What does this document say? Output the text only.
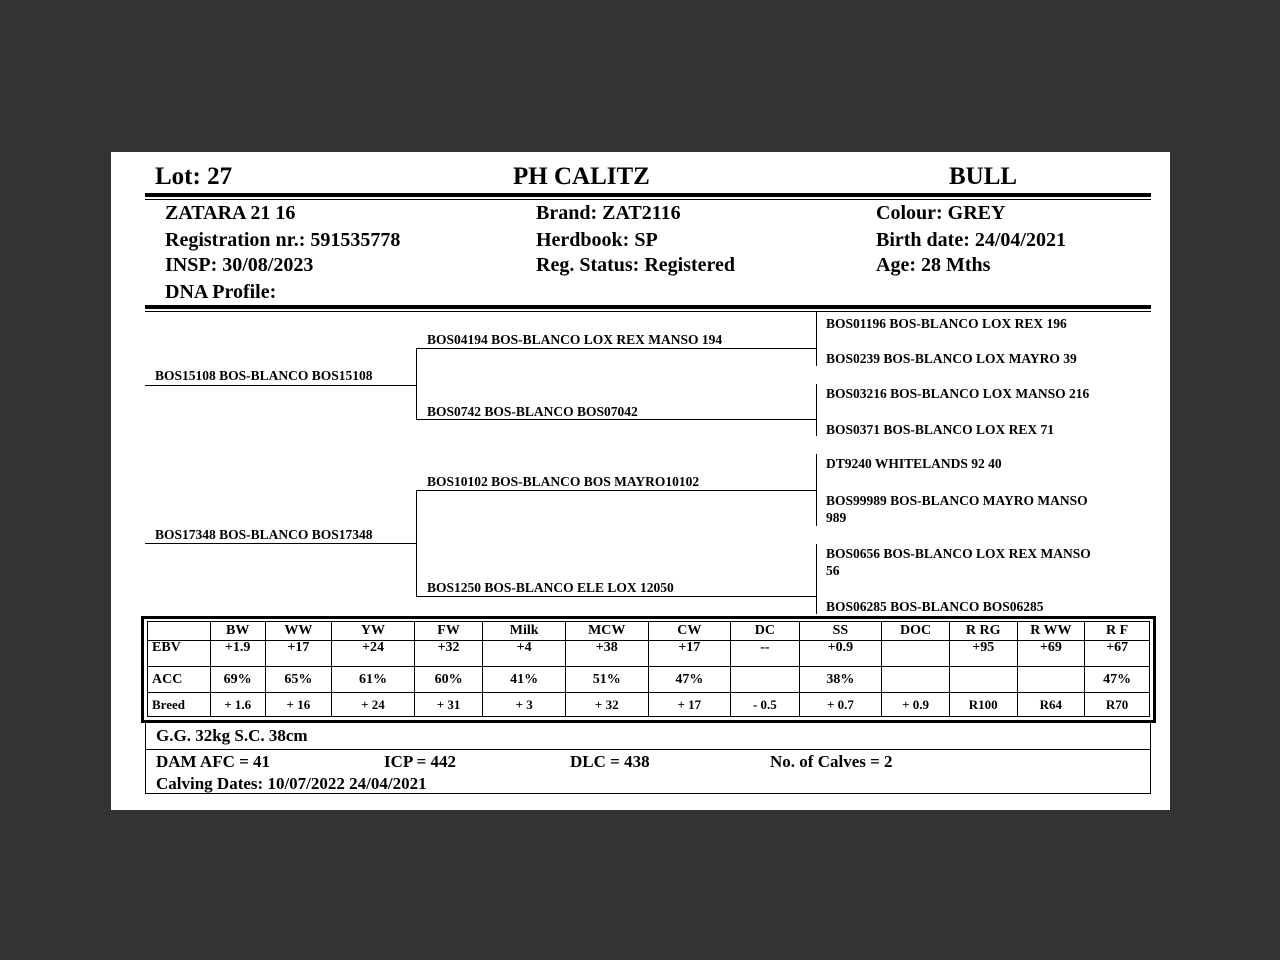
Lot: 27	PH CALITZ	BULL
ZATARA 21 16
Registration nr.: 591535778
INSP: 30/08/2023
DNA Profile:
Brand: ZAT2116
Herdbook: SP
Reg. Status: Registered
Colour: GREY
Birth date: 24/04/2021
Age: 28 Mths
BOS15108 BOS-BLANCO BOS15108
BOS17348 BOS-BLANCO BOS17348
BOS04194 BOS-BLANCO LOX REX MANSO 194
BOS0742 BOS-BLANCO BOS07042
BOS10102 BOS-BLANCO BOS MAYRO10102
BOS1250 BOS-BLANCO ELE LOX 12050
BOS01196 BOS-BLANCO LOX REX 196
BOS0239 BOS-BLANCO LOX MAYRO 39
BOS03216 BOS-BLANCO LOX MANSO 216
BOS0371 BOS-BLANCO LOX REX 71
DT9240 WHITELANDS 92 40
BOS99989 BOS-BLANCO MAYRO MANSO
989
BOS0656 BOS-BLANCO LOX REX MANSO
56
BOS06285 BOS-BLANCO BOS06285
	BW	WW	YW	FW	Milk	MCW	CW	DC	SS	DOC	R RG	R WW	R F
EBV	+1.9	+17	+24	+32	+4	+38	+17	--	+0.9		+95	+69	+67
ACC	69%	65%	61%	60%	41%	51%	47%		38%				47%
Breed	+ 1.6	+ 16	+ 24	+ 31	+ 3	+ 32	+ 17	- 0.5	+ 0.7	+ 0.9	R100	R64	R70
G.G. 32kg S.C. 38cm
DAM AFC = 41	ICP = 442	DLC = 438	No. of Calves = 2
Calving Dates: 10/07/2022 24/04/2021
